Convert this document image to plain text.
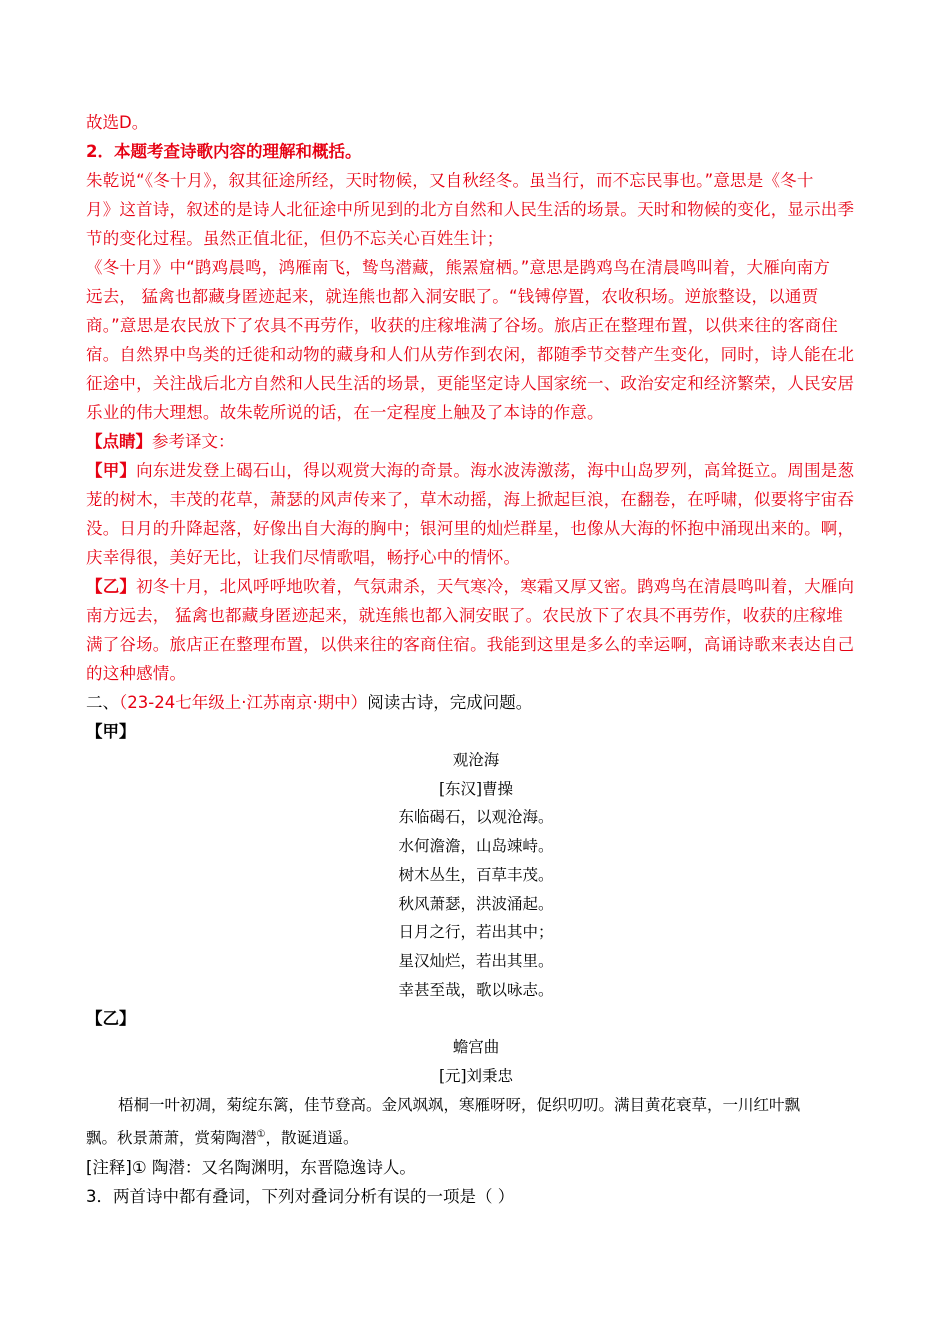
故选D。
2．本题考查诗歌内容的理解和概括。
朱乾说“《冬十月》，叙其征途所经，天时物候，又自秋经冬。虽当行，而不忘民事也。”意思是《冬十
月》这首诗，叙述的是诗人北征途中所见到的北方自然和人民生活的场景。天时和物候的变化，显示出季
节的变化过程。虽然正值北征，但仍不忘关心百姓生计；
《冬十月》中“鹍鸡晨鸣，鸿雁南飞，鸷鸟潜藏，熊罴窟栖。”意思是鹍鸡鸟在清晨鸣叫着，大雁向南方
远去， 猛禽也都藏身匿迹起来，就连熊也都入洞安眠了。“钱镈停置，农收积场。逆旅整设，以通贾
商。”意思是农民放下了农具不再劳作，收获的庄稼堆满了谷场。旅店正在整理布置，以供来往的客商住
宿。自然界中鸟类的迁徙和动物的藏身和人们从劳作到农闲，都随季节交替产生变化，同时，诗人能在北
征途中，关注战后北方自然和人民生活的场景，更能坚定诗人国家统一、政治安定和经济繁荣，人民安居
乐业的伟大理想。故朱乾所说的话，在一定程度上触及了本诗的作意。
【点睛】参考译文：
【甲】向东进发登上碣石山，得以观赏大海的奇景。海水波涛激荡，海中山岛罗列，高耸挺立。周围是葱
茏的树木，丰茂的花草，萧瑟的风声传来了，草木动摇，海上掀起巨浪，在翻卷，在呼啸，似要将宇宙吞
没。日月的升降起落，好像出自大海的胸中；银河里的灿烂群星，也像从大海的怀抱中涌现出来的。啊，
庆幸得很，美好无比，让我们尽情歌唱，畅抒心中的情怀。
【乙】初冬十月，北风呼呼地吹着，气氛肃杀，天气寒冷，寒霜又厚又密。鹍鸡鸟在清晨鸣叫着，大雁向
南方远去， 猛禽也都藏身匿迹起来，就连熊也都入洞安眠了。农民放下了农具不再劳作，收获的庄稼堆
满了谷场。旅店正在整理布置，以供来往的客商住宿。我能到这里是多么的幸运啊，高诵诗歌来表达自己
的这种感情。
二、（23-24七年级上·江苏南京·期中）阅读古诗，完成问题。
【甲】
观沧海
[东汉]曹操
东临碣石，以观沧海。
水何澹澹，山岛竦峙。
树木丛生，百草丰茂。
秋风萧瑟，洪波涌起。
日月之行，若出其中；
星汉灿烂，若出其里。
幸甚至哉，歌以咏志。
【乙】
蟾宫曲
[元]刘秉忠
梧桐一叶初凋，菊绽东篱，佳节登高。金风飒飒，寒雁呀呀，促织叨叨。满目黄花衰草，一川红叶飘
飘。秋景萧萧，赏菊陶潜①，散诞逍遥。
[注释]① 陶潜：又名陶渊明，东晋隐逸诗人。
3．两首诗中都有叠词，下列对叠词分析有误的一项是（ ）
